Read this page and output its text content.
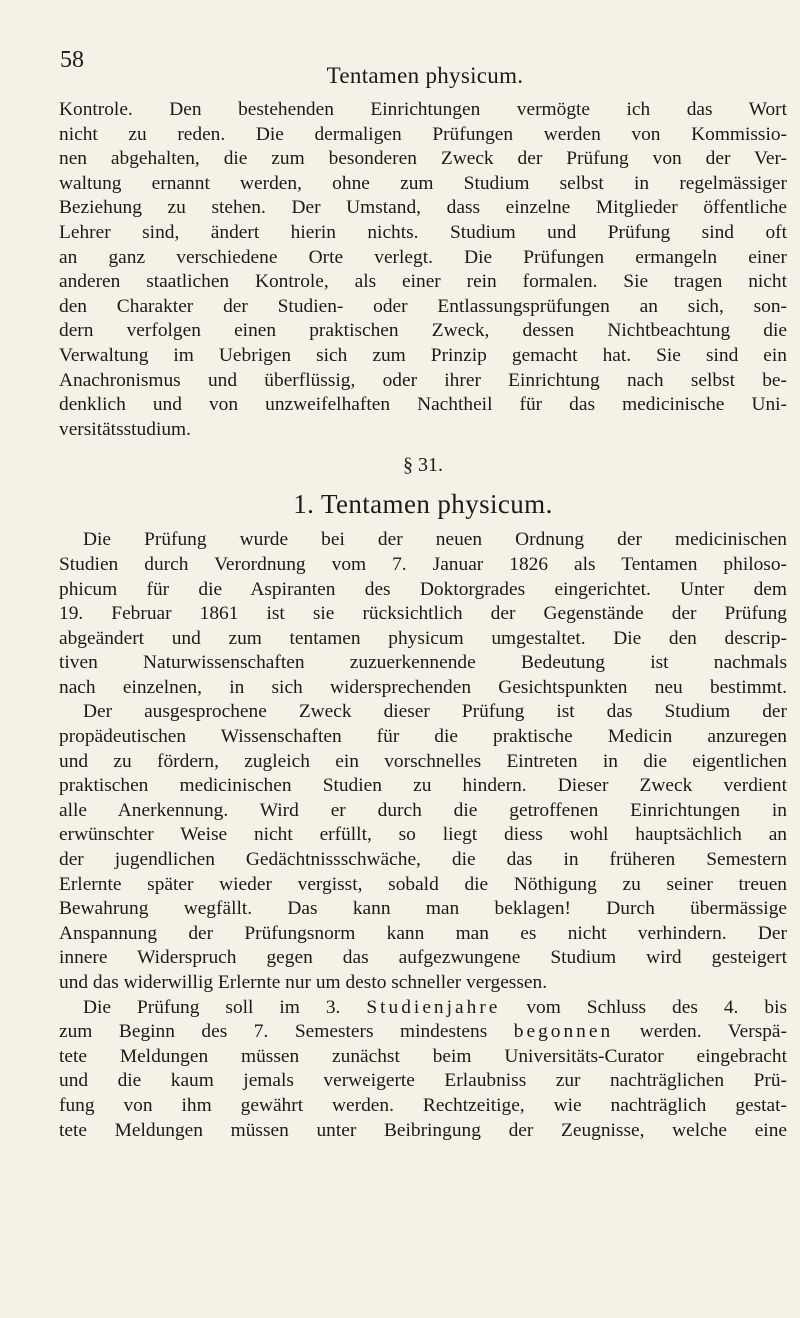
58
Tentamen physicum.
Kontrole. Den bestehenden Einrichtungen vermögte ich das Wort
nicht zu reden. Die dermaligen Prüfungen werden von Kommissio-
nen abgehalten, die zum besonderen Zweck der Prüfung von der Ver-
waltung ernannt werden, ohne zum Studium selbst in regelmässiger
Beziehung zu stehen. Der Umstand, dass einzelne Mitglieder öffentliche
Lehrer sind, ändert hierin nichts. Studium und Prüfung sind oft
an ganz verschiedene Orte verlegt. Die Prüfungen ermangeln einer
anderen staatlichen Kontrole, als einer rein formalen. Sie tragen nicht
den Charakter der Studien- oder Entlassungsprüfungen an sich, son-
dern verfolgen einen praktischen Zweck, dessen Nichtbeachtung die
Verwaltung im Uebrigen sich zum Prinzip gemacht hat. Sie sind ein
Anachronismus und überflüssig, oder ihrer Einrichtung nach selbst be-
denklich und von unzweifelhaften Nachtheil für das medicinische Uni-
versitätsstudium.
§ 31.
1. Tentamen physicum.
Die Prüfung wurde bei der neuen Ordnung der medicinischen
Studien durch Verordnung vom 7. Januar 1826 als Tentamen philoso-
phicum für die Aspiranten des Doktorgrades eingerichtet. Unter dem
19. Februar 1861 ist sie rücksichtlich der Gegenstände der Prüfung
abgeändert und zum tentamen physicum umgestaltet. Die den descrip-
tiven Naturwissenschaften zuzuerkennende Bedeutung ist nachmals
nach einzelnen, in sich widersprechenden Gesichtspunkten neu bestimmt.
Der ausgesprochene Zweck dieser Prüfung ist das Studium der
propädeutischen Wissenschaften für die praktische Medicin anzuregen
und zu fördern, zugleich ein vorschnelles Eintreten in die eigentlichen
praktischen medicinischen Studien zu hindern. Dieser Zweck verdient
alle Anerkennung. Wird er durch die getroffenen Einrichtungen in
erwünschter Weise nicht erfüllt, so liegt diess wohl hauptsächlich an
der jugendlichen Gedächtnissschwäche, die das in früheren Semestern
Erlernte später wieder vergisst, sobald die Nöthigung zu seiner treuen
Bewahrung wegfällt. Das kann man beklagen! Durch übermässige
Anspannung der Prüfungsnorm kann man es nicht verhindern. Der
innere Widerspruch gegen das aufgezwungene Studium wird gesteigert
und das widerwillig Erlernte nur um desto schneller vergessen.
Die Prüfung soll im 3. Studienjahre vom Schluss des 4. bis
zum Beginn des 7. Semesters mindestens begonnen werden. Verspä-
tete Meldungen müssen zunächst beim Universitäts-Curator eingebracht
und die kaum jemals verweigerte Erlaubniss zur nachträglichen Prü-
fung von ihm gewährt werden. Rechtzeitige, wie nachträglich gestat-
tete Meldungen müssen unter Beibringung der Zeugnisse, welche eine
